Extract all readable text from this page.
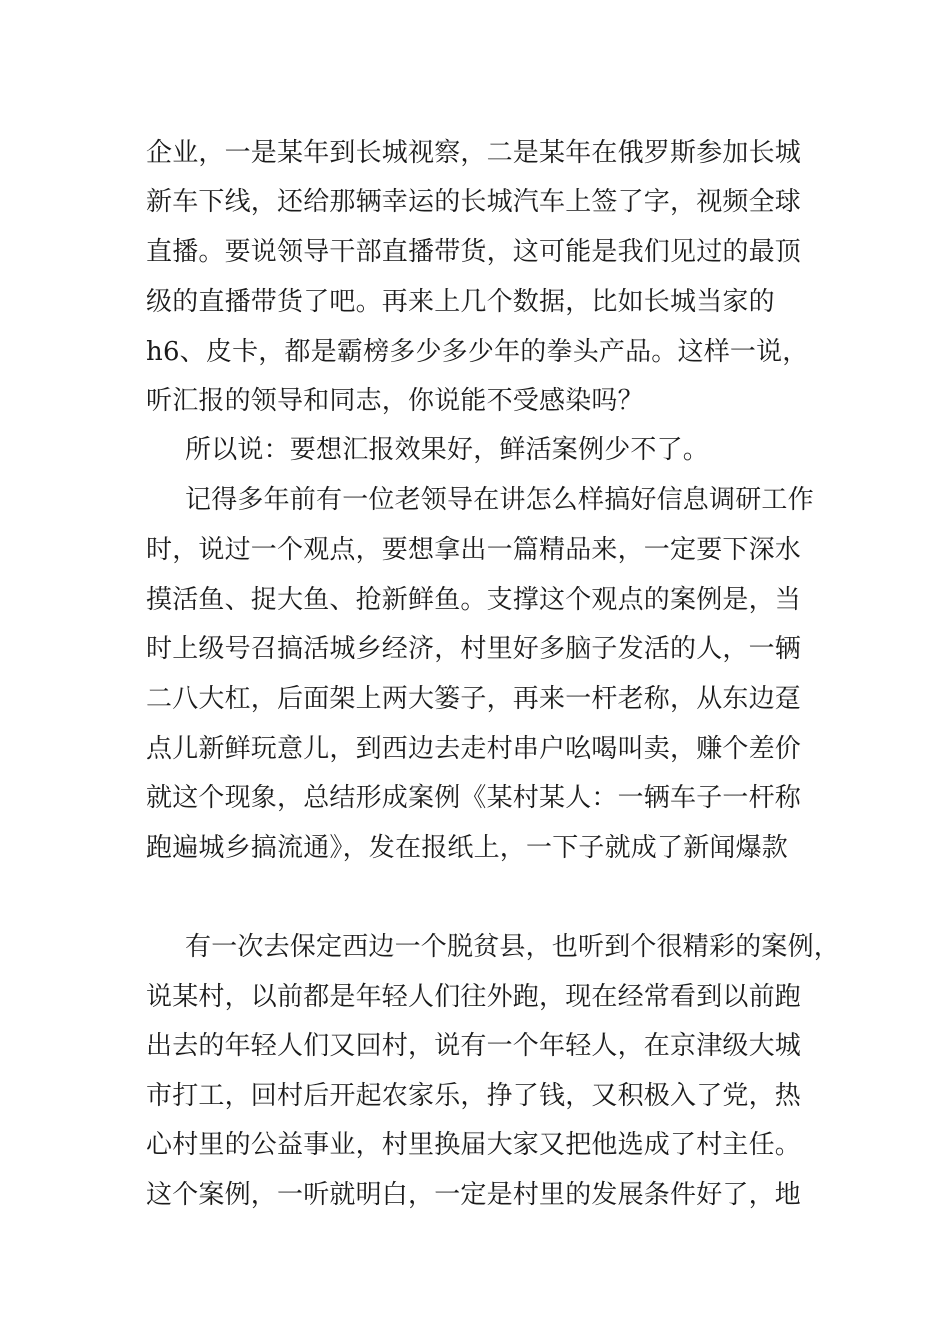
企业，一是某年到长城视察，二是某年在俄罗斯参加长城
新车下线，还给那辆幸运的长城汽车上签了字，视频全球
直播。要说领导干部直播带货，这可能是我们见过的最顶
级的直播带货了吧。再来上几个数据，比如长城当家的
h6、皮卡，都是霸榜多少多少年的拳头产品。这样一说，
听汇报的领导和同志，你说能不受感染吗？
所以说：要想汇报效果好，鲜活案例少不了。
记得多年前有一位老领导在讲怎么样搞好信息调研工作
时，说过一个观点，要想拿出一篇精品来，一定要下深水
摸活鱼、捉大鱼、抢新鲜鱼。支撑这个观点的案例是，当
时上级号召搞活城乡经济，村里好多脑子发活的人，一辆
二八大杠，后面架上两大篓子，再来一杆老称，从东边趸
点儿新鲜玩意儿，到西边去走村串户吆喝叫卖，赚个差价
就这个现象，总结形成案例《某村某人：一辆车子一杆称
跑遍城乡搞流通》，发在报纸上，一下子就成了新闻爆款
有一次去保定西边一个脱贫县，也听到个很精彩的案例，
说某村，以前都是年轻人们往外跑，现在经常看到以前跑
出去的年轻人们又回村，说有一个年轻人，在京津级大城
市打工，回村后开起农家乐，挣了钱，又积极入了党，热
心村里的公益事业，村里换届大家又把他选成了村主任。
这个案例，一听就明白，一定是村里的发展条件好了，地
